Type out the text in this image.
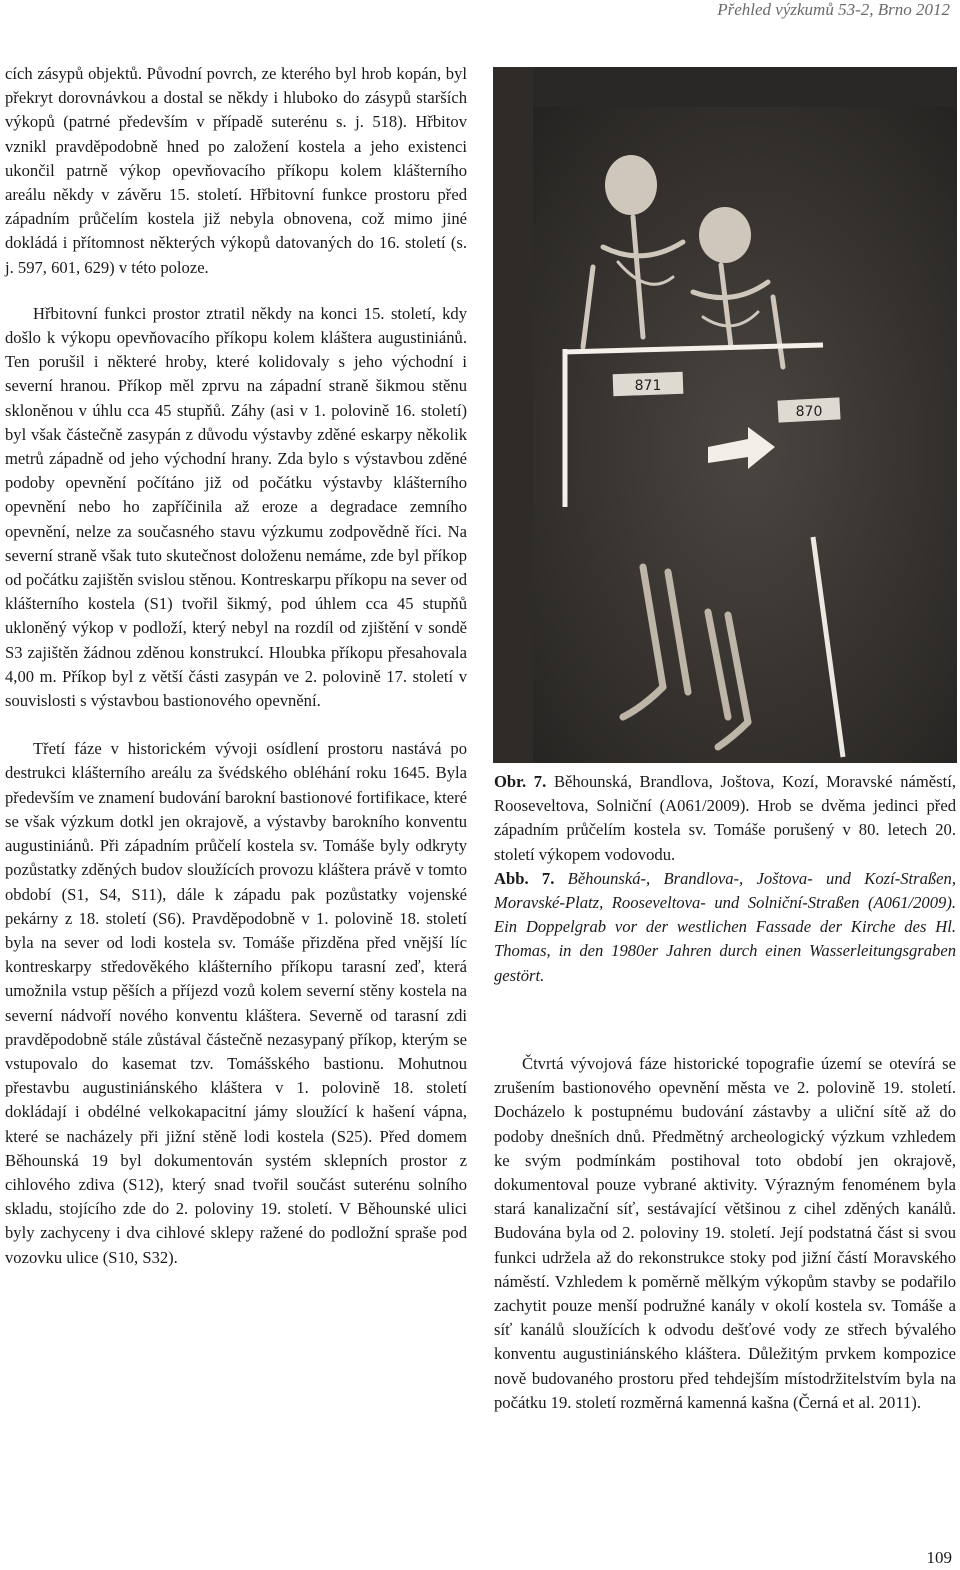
Přehled výzkumů 53-2, Brno 2012

cích zásypů objektů. Původní povrch, ze kterého byl hrob kopán, byl překryt dorovnávkou a dostal se někdy i hluboko do zásypů starších výkopů (patrné především v případě suterénu s. j. 518). Hřbitov vznikl pravděpodobně hned po založení kostela a jeho existenci ukončil patrně výkop opevňovacího příkopu kolem klášterního areálu někdy v závěru 15. století. Hřbitovní funkce prostoru před západním průčelím kostela již nebyla obnovena, což mimo jiné dokládá i přítomnost některých výkopů datovaných do 16. století (s. j. 597, 601, 629) v této poloze.

Hřbitovní funkci prostor ztratil někdy na konci 15. století, kdy došlo k výkopu opevňovacího příkopu kolem kláštera augustiniánů. Ten porušil i některé hroby, které kolidovaly s jeho východní i severní hranou. Příkop měl zprvu na západní straně šikmou stěnu skloněnou v úhlu cca 45 stupňů. Záhy (asi v 1. polovině 16. století) byl však částečně zasypán z důvodu výstavby zděné eskarpy několik metrů západně od jeho východní hrany. Zda bylo s výstavbou zděné podoby opevnění počítáno již od počátku výstavby klášterního opevnění nebo ho zapříčinila až eroze a degradace zemního opevnění, nelze za současného stavu výzkumu zodpovědně říci. Na severní straně však tuto skutečnost doloženu nemáme, zde byl příkop od počátku zajištěn svislou stěnou. Kontreskarpu příkopu na sever od klášterního kostela (S1) tvořil šikmý, pod úhlem cca 45 stupňů ukloněný výkop v podloží, který nebyl na rozdíl od zjištění v sondě S3 zajištěn žádnou zděnou konstrukcí. Hloubka příkopu přesahovala 4,00 m. Příkop byl z větší části zasypán ve 2. polovině 17. století v souvislosti s výstavbou bastionového opevnění.

Třetí fáze v historickém vývoji osídlení prostoru nastává po destrukci klášterního areálu za švédského obléhání roku 1645. Byla především ve znamení budování barokní bastionové fortifikace, které se však výzkum dotkl jen okrajově, a výstavby barokního konventu augustiniánů. Při západním průčelí kostela sv. Tomáše byly odkryty pozůstatky zděných budov sloužících provozu kláštera právě v tomto období (S1, S4, S11), dále k západu pak pozůstatky vojenské pekárny z 18. století (S6). Pravděpodobně v 1. polovině 18. století byla na sever od lodi kostela sv. Tomáše přizděna před vnější líc kontreskarpy středověkého klášterního příkopu tarasní zeď, která umožnila vstup pěších a příjezd vozů kolem severní stěny kostela na severní nádvoří nového konventu kláštera. Severně od tarasní zdi pravděpodobně stále zůstával částečně nezasypaný příkop, kterým se vstupovalo do kasemat tzv. Tomášského bastionu. Mohutnou přestavbu augustiniánského kláštera v 1. polovině 18. století dokládají i obdélné velkokapacitní jámy sloužící k hašení vápna, které se nacházely při jižní stěně lodi kostela (S25). Před domem Běhounská 19 byl dokumentován systém sklepních prostor z cihlového zdiva (S12), který snad tvořil součást suterénu solního skladu, stojícího zde do 2. poloviny 19. století. V Běhounské ulici byly zachyceny i dva cihlové sklepy ražené do podložní spraše pod vozovku ulice (S10, S32).

871
870

Obr. 7. Běhounská, Brandlova, Joštova, Kozí, Moravské náměstí, Rooseveltova, Solniční (A061/2009). Hrob se dvěma jedinci před západním průčelím kostela sv. Tomáše porušený v 80. letech 20. století výkopem vodovodu.

Abb. 7. Běhounská-, Brandlova-, Joštova- und Kozí-Straßen, Moravské-Platz, Rooseveltova- und Solniční-Straßen (A061/2009). Ein Doppelgrab vor der westlichen Fassade der Kirche des Hl. Thomas, in den 1980er Jahren durch einen Wasserleitungsgraben gestört.

Čtvrtá vývojová fáze historické topografie území se otevírá se zrušením bastionového opevnění města ve 2. polovině 19. století. Docházelo k postupnému budování zástavby a uliční sítě až do podoby dnešních dnů. Předmětný archeologický výzkum vzhledem ke svým podmínkám postihoval toto období jen okrajově, dokumentoval pouze vybrané aktivity. Výrazným fenoménem byla stará kanalizační síť, sestávající většinou z cihel zděných kanálů. Budována byla od 2. poloviny 19. století. Její podstatná část si svou funkci udržela až do rekonstrukce stoky pod jižní částí Moravského náměstí. Vzhledem k poměrně mělkým výkopům stavby se podařilo zachytit pouze menší podružné kanály v okolí kostela sv. Tomáše a síť kanálů sloužících k odvodu dešťové vody ze střech bývalého konventu augustiniánského kláštera. Důležitým prvkem kompozice nově budovaného prostoru před tehdejším místodržitelstvím byla na počátku 19. století rozměrná kamenná kašna (Černá et al. 2011).

109
